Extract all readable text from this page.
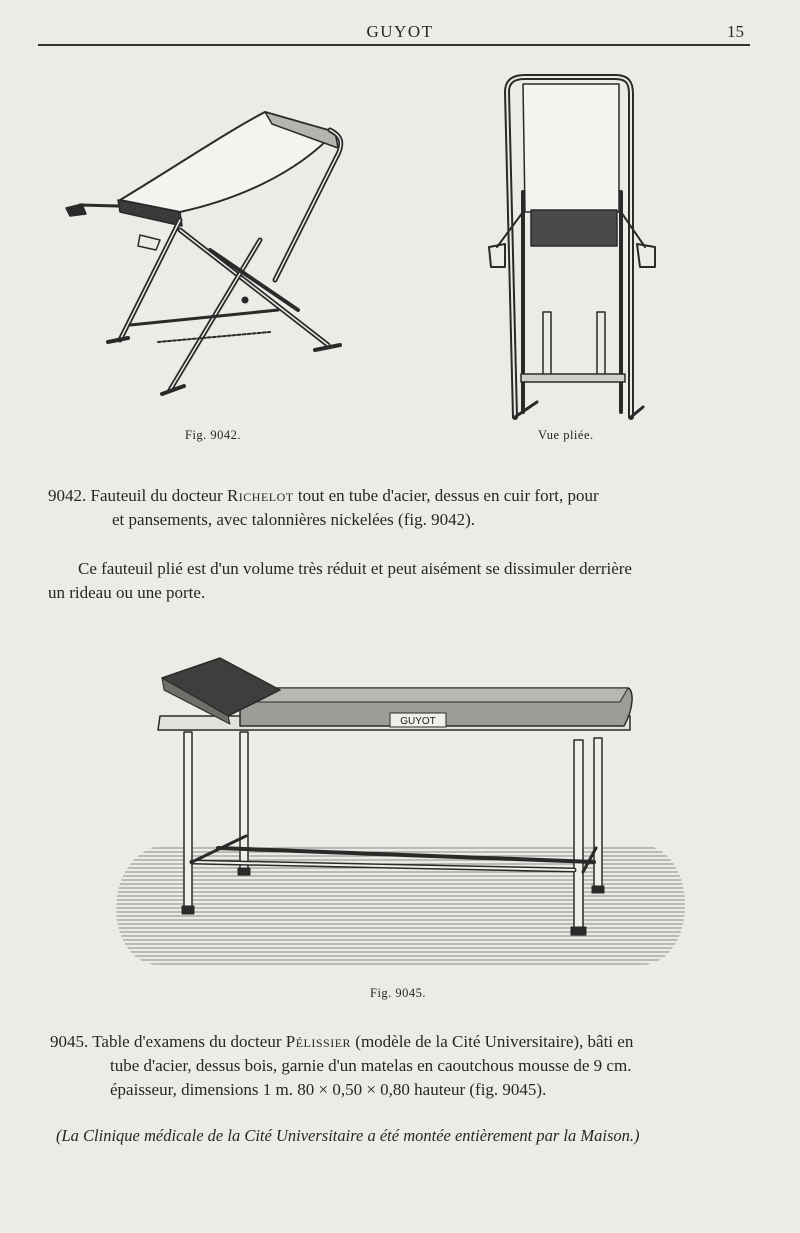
GUYOT	15
Fig. 9042.	Vue pliée.
9042. Fauteuil du docteur Richelot tout en tube d'acier, dessus en cuir fort, pour
et pansements, avec talonnières nickelées (fig. 9042).
Ce fauteuil plié est d'un volume très réduit et peut aisément se dissimuler derrière
un rideau ou une porte.
GUYOT
Fig. 9045.
9045. Table d'examens du docteur Pélissier (modèle de la Cité Universitaire), bâti en
tube d'acier, dessus bois, garnie d'un matelas en caoutchous mousse de 9 cm.
épaisseur, dimensions 1 m. 80 × 0,50 × 0,80 hauteur (fig. 9045).
(La Clinique médicale de la Cité Universitaire a été montée entièrement par la Maison.)
